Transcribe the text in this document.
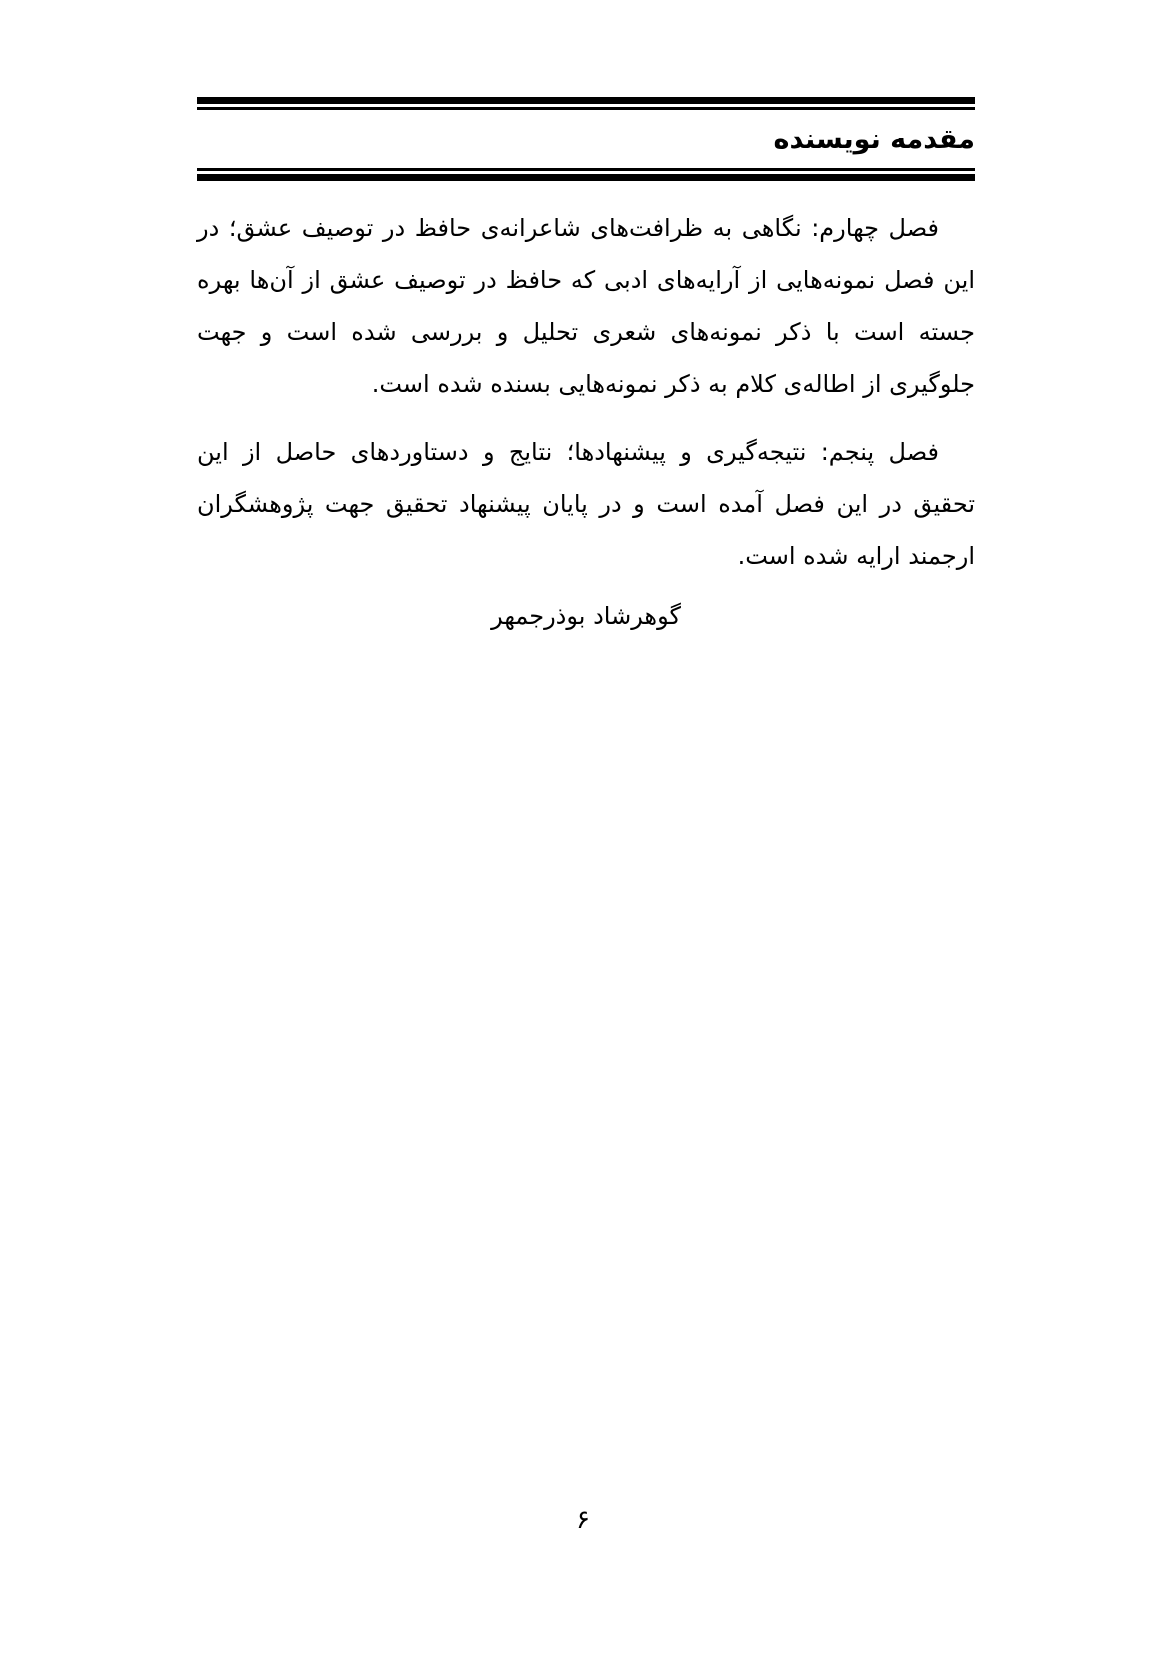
مقدمه نویسنده

فصل چهارم: نگاهی به ظرافت‌های شاعرانه‌ی حافظ در توصیف عشق؛ در این فصل نمونه‌هایی از آرایه‌های ادبی که حافظ در توصیف عشق از آن‌ها بهره جسته است با ذکر نمونه‌های شعری تحلیل و بررسی شده است و جهت جلوگیری از اطاله‌ی کلام به ذکر نمونه‌هایی بسنده شده است.

فصل پنجم: نتیجه‌گیری و پیشنهادها؛ نتایج و دستاوردهای حاصل از این تحقیق در این فصل آمده است و در پایان پیشنهاد تحقیق جهت پژوهشگران ارجمند ارایه شده است.

گوهرشاد بوذرجمهر
۶
